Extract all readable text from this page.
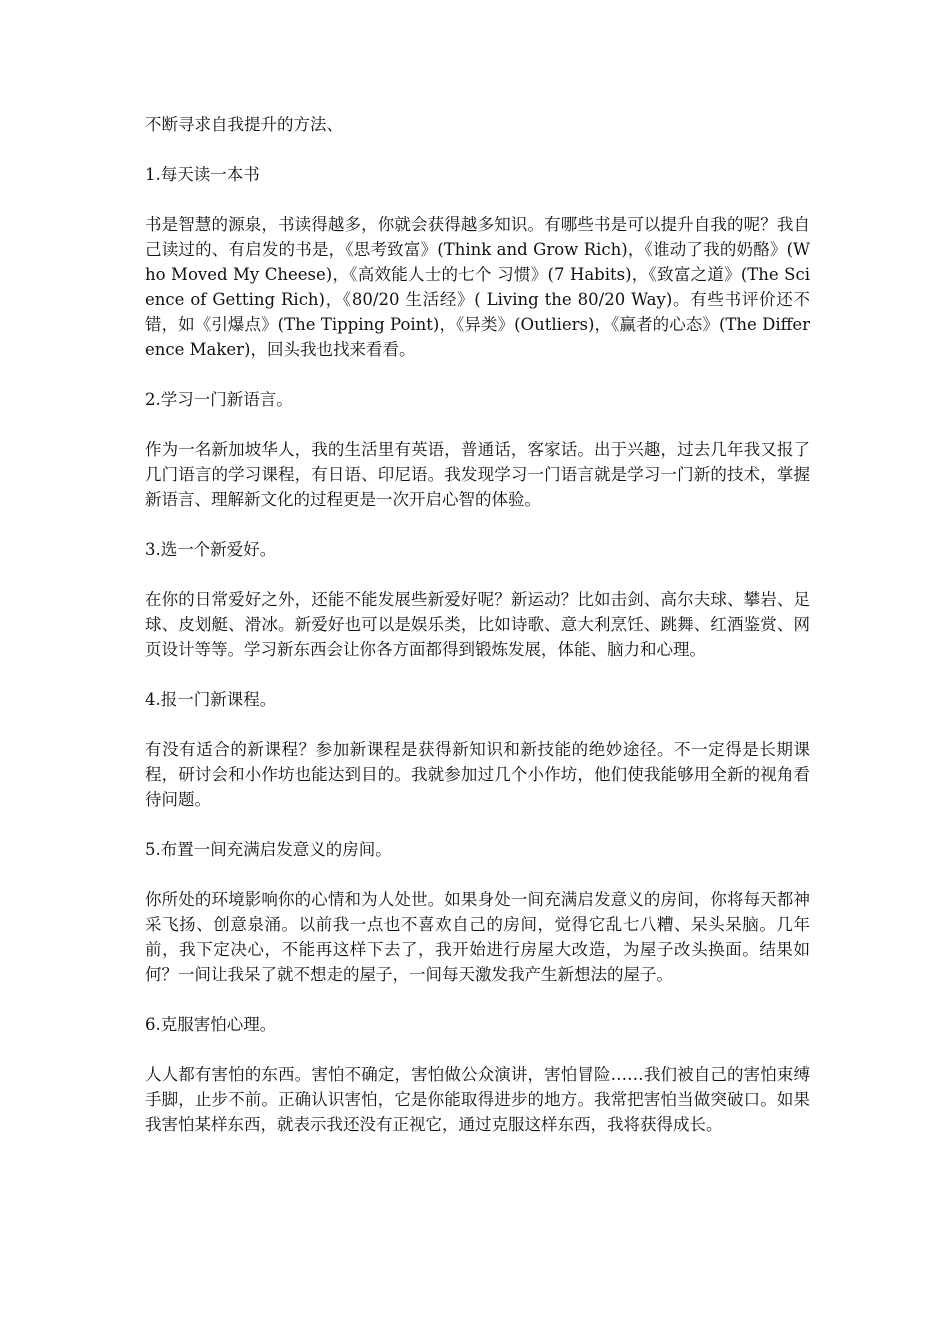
不断寻求自我提升的方法、

1.每天读一本书

书是智慧的源泉，书读得越多，你就会获得越多知识。有哪些书是可以提升自我的呢？我自己读过的、有启发的书是，《思考致富》(Think and Grow Rich)，《谁动了我的奶酪》(Who Moved My Cheese)，《高效能人士的七个 习惯》(7 Habits)，《致富之道》(The Science of Getting Rich)，《80/20 生活经》( Living the 80/20 Way)。有些书评价还不错，如《引爆点》(The Tipping Point)，《异类》(Outliers)，《赢者的心态》(The Difference Maker)，回头我也找来看看。

2.学习一门新语言。

作为一名新加坡华人，我的生活里有英语，普通话，客家话。出于兴趣，过去几年我又报了几门语言的学习课程，有日语、印尼语。我发现学习一门语言就是学习一门新的技术，掌握新语言、理解新文化的过程更是一次开启心智的体验。

3.选一个新爱好。

在你的日常爱好之外，还能不能发展些新爱好呢？新运动？比如击剑、高尔夫球、攀岩、足球、皮划艇、滑冰。新爱好也可以是娱乐类，比如诗歌、意大利烹饪、跳舞、红酒鉴赏、网页设计等等。学习新东西会让你各方面都得到锻炼发展，体能、脑力和心理。

4.报一门新课程。

有没有适合的新课程？参加新课程是获得新知识和新技能的绝妙途径。不一定得是长期课程，研讨会和小作坊也能达到目的。我就参加过几个小作坊，他们使我能够用全新的视角看待问题。

5.布置一间充满启发意义的房间。

你所处的环境影响你的心情和为人处世。如果身处一间充满启发意义的房间，你将每天都神采飞扬、创意泉涌。以前我一点也不喜欢自己的房间，觉得它乱七八糟、呆头呆脑。几年前，我下定决心，不能再这样下去了，我开始进行房屋大改造，为屋子改头换面。结果如何？一间让我呆了就不想走的屋子，一间每天激发我产生新想法的屋子。

6.克服害怕心理。

人人都有害怕的东西。害怕不确定，害怕做公众演讲，害怕冒险……我们被自己的害怕束缚手脚，止步不前。正确认识害怕，它是你能取得进步的地方。我常把害怕当做突破口。如果我害怕某样东西，就表示我还没有正视它，通过克服这样东西，我将获得成长。
